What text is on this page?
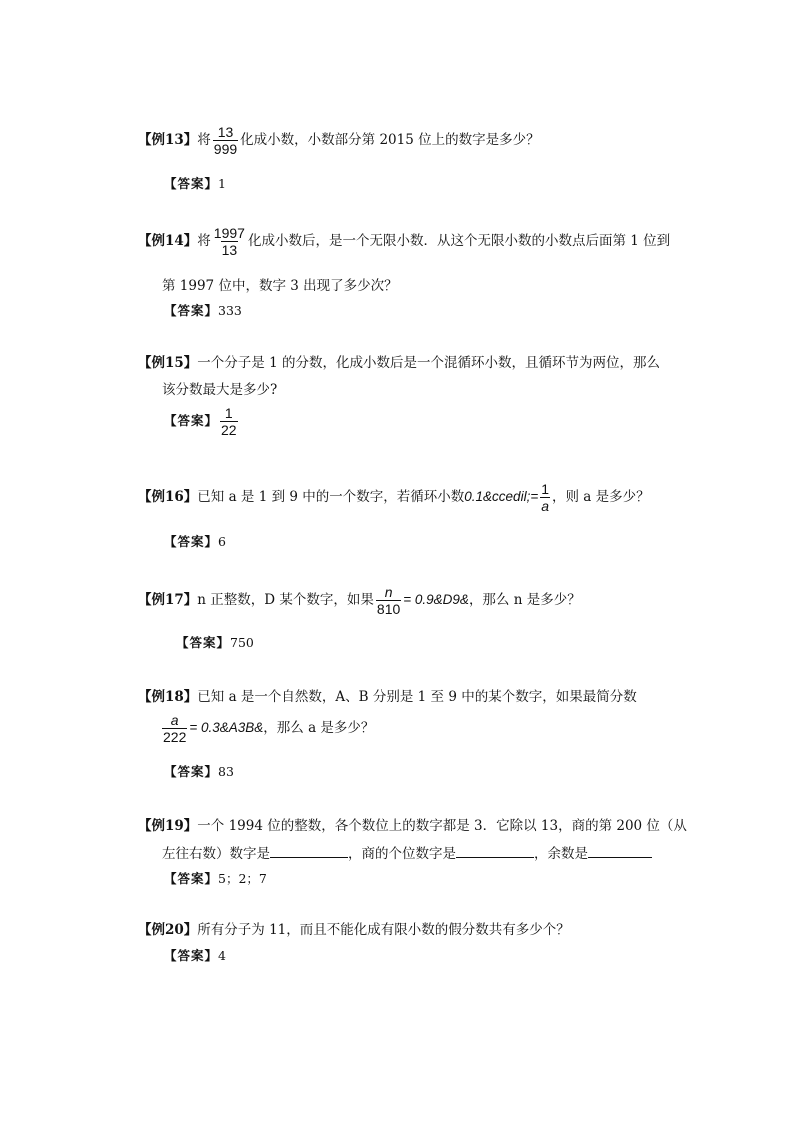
【例13】将 $\frac{13}{999}$ 化成小数，小数部分第 2015 位上的数字是多少？
【答案】1
【例14】将 $\frac{1997}{13}$ 化成小数后，是一个无限小数．从这个无限小数的小数点后面第 1 位到
第 1997 位中，数字 3 出现了多少次？
【答案】333
【例15】一个分子是 1 的分数，化成小数后是一个混循环小数，且循环节为两位，那么
该分数最大是多少?
【答案】 $\frac{1}{22}$
【例16】已知 a 是 1 到 9 中的一个数字，若循环小数0.1&ccedil;= $\frac{1}{a}$ ，则 a 是多少？
【答案】6
【例17】n 正整数，D 某个数字，如果 $\frac{n}{810}$ = 0.9&D9&，那么 n 是多少？
【答案】750
【例18】已知 a 是一个自然数，A、B 分别是 1 至 9 中的某个数字，如果最简分数
$\frac{a}{222}$ = 0.3&A3B&，那么 a 是多少？
【答案】83
【例19】一个 1994 位的整数，各个数位上的数字都是 3．它除以 13，商的第 200 位（从
左往右数）数字是	，商的个位数字是	，余数是
【答案】5；2；7
【例20】所有分子为 11，而且不能化成有限小数的假分数共有多少个？
【答案】4
